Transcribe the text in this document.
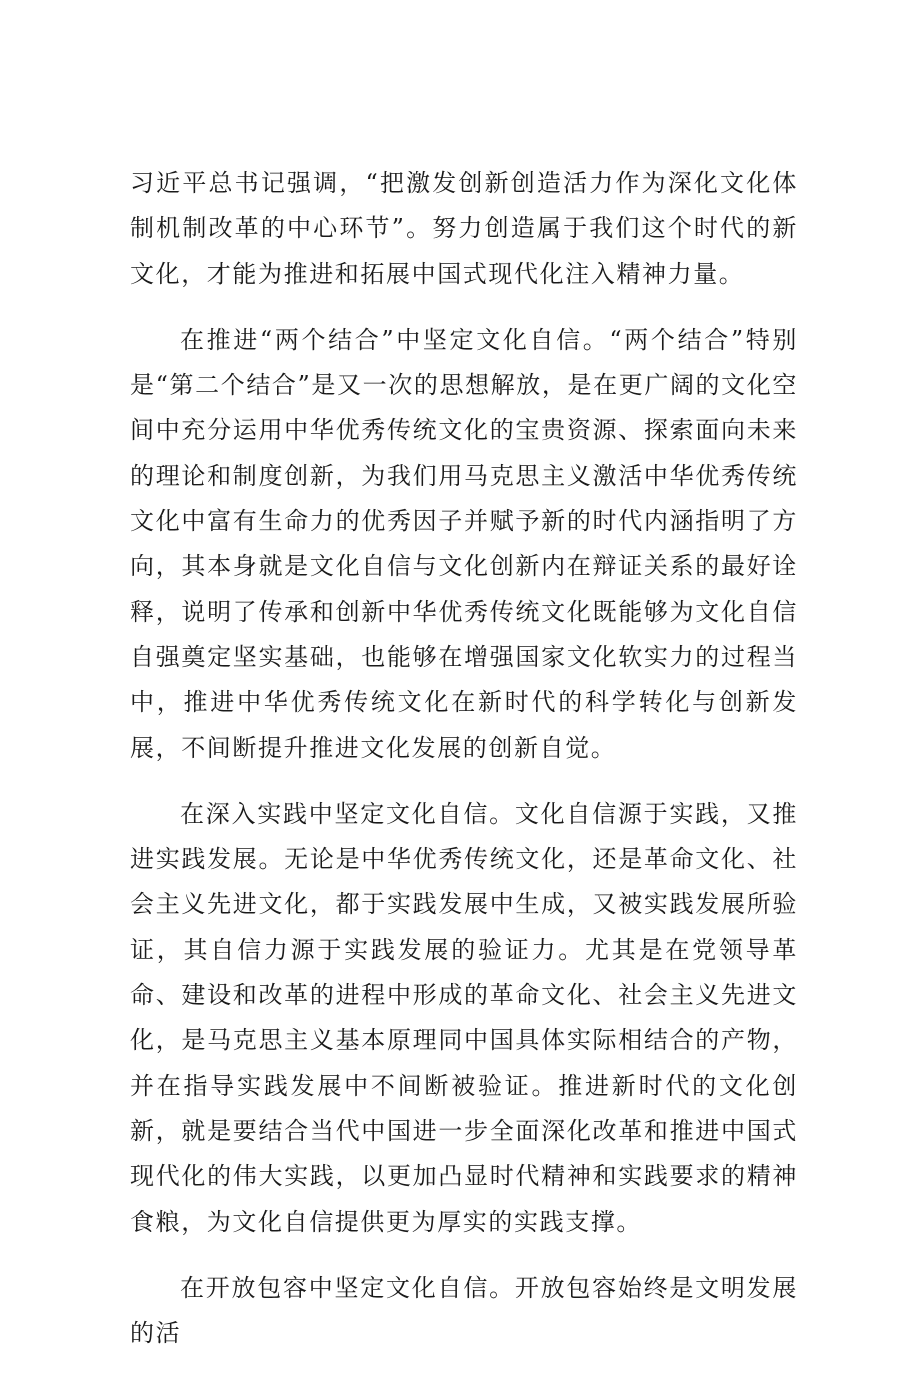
习近平总书记强调，“把激发创新创造活力作为深化文化体制机制改革的中心环节”。努力创造属于我们这个时代的新文化，才能为推进和拓展中国式现代化注入精神力量。

在推进“两个结合”中坚定文化自信。“两个结合”特别是“第二个结合”是又一次的思想解放，是在更广阔的文化空间中充分运用中华优秀传统文化的宝贵资源、探索面向未来的理论和制度创新，为我们用马克思主义激活中华优秀传统文化中富有生命力的优秀因子并赋予新的时代内涵指明了方向，其本身就是文化自信与文化创新内在辩证关系的最好诠释，说明了传承和创新中华优秀传统文化既能够为文化自信自强奠定坚实基础，也能够在增强国家文化软实力的过程当中，推进中华优秀传统文化在新时代的科学转化与创新发展，不间断提升推进文化发展的创新自觉。

在深入实践中坚定文化自信。文化自信源于实践，又推进实践发展。无论是中华优秀传统文化，还是革命文化、社会主义先进文化，都于实践发展中生成，又被实践发展所验证，其自信力源于实践发展的验证力。尤其是在党领导革命、建设和改革的进程中形成的革命文化、社会主义先进文化，是马克思主义基本原理同中国具体实际相结合的产物，并在指导实践发展中不间断被验证。推进新时代的文化创新，就是要结合当代中国进一步全面深化改革和推进中国式现代化的伟大实践，以更加凸显时代精神和实践要求的精神食粮，为文化自信提供更为厚实的实践支撑。

在开放包容中坚定文化自信。开放包容始终是文明发展的活
